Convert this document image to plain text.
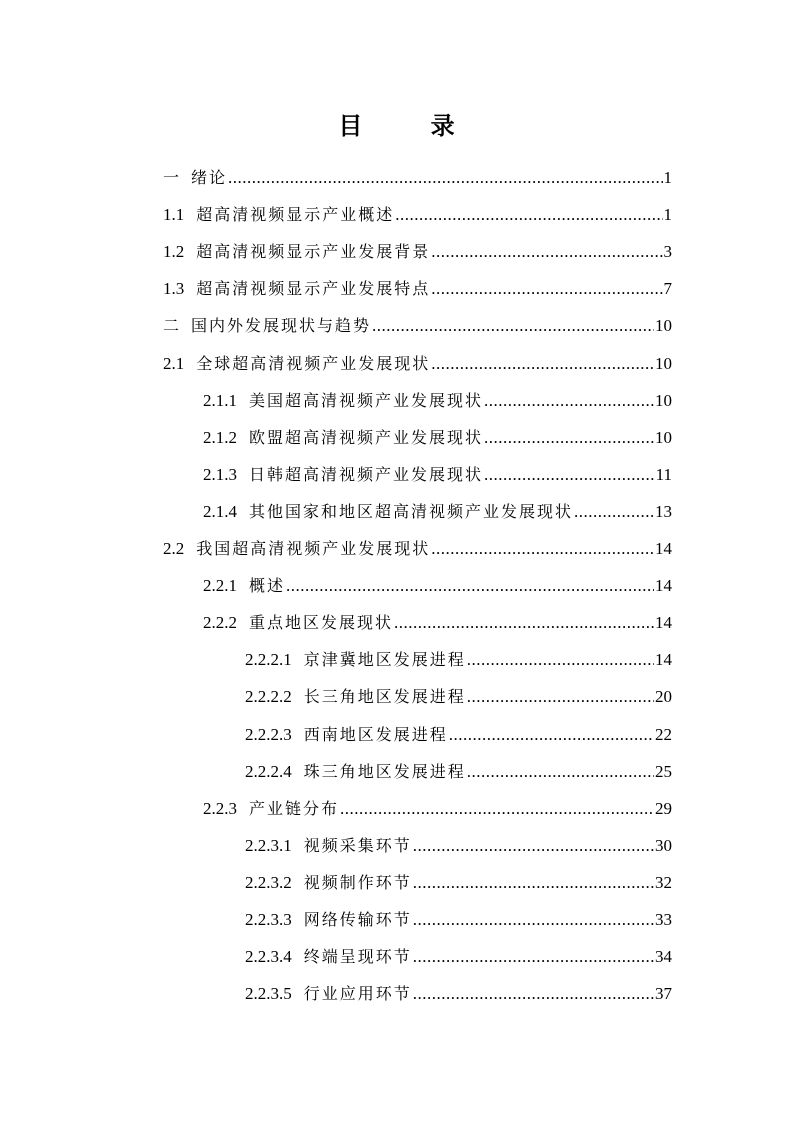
目 录
一 绪论 .....	1
1.1 超高清视频显示产业概述 .....	1
1.2 超高清视频显示产业发展背景 .....	3
1.3 超高清视频显示产业发展特点 .....	7
二 国内外发展现状与趋势 .....	10
2.1 全球超高清视频产业发展现状 .....	10
2.1.1 美国超高清视频产业发展现状 .....	10
2.1.2 欧盟超高清视频产业发展现状 .....	10
2.1.3 日韩超高清视频产业发展现状 .....	11
2.1.4 其他国家和地区超高清视频产业发展现状 .....	13
2.2 我国超高清视频产业发展现状 .....	14
2.2.1 概述 .....	14
2.2.2 重点地区发展现状 .....	14
2.2.2.1 京津冀地区发展进程 .....	14
2.2.2.2 长三角地区发展进程 .....	20
2.2.2.3 西南地区发展进程 .....	22
2.2.2.4 珠三角地区发展进程 .....	25
2.2.3 产业链分布 .....	29
2.2.3.1 视频采集环节 .....	30
2.2.3.2 视频制作环节 .....	32
2.2.3.3 网络传输环节 .....	33
2.2.3.4 终端呈现环节 .....	34
2.2.3.5 行业应用环节 .....	37
